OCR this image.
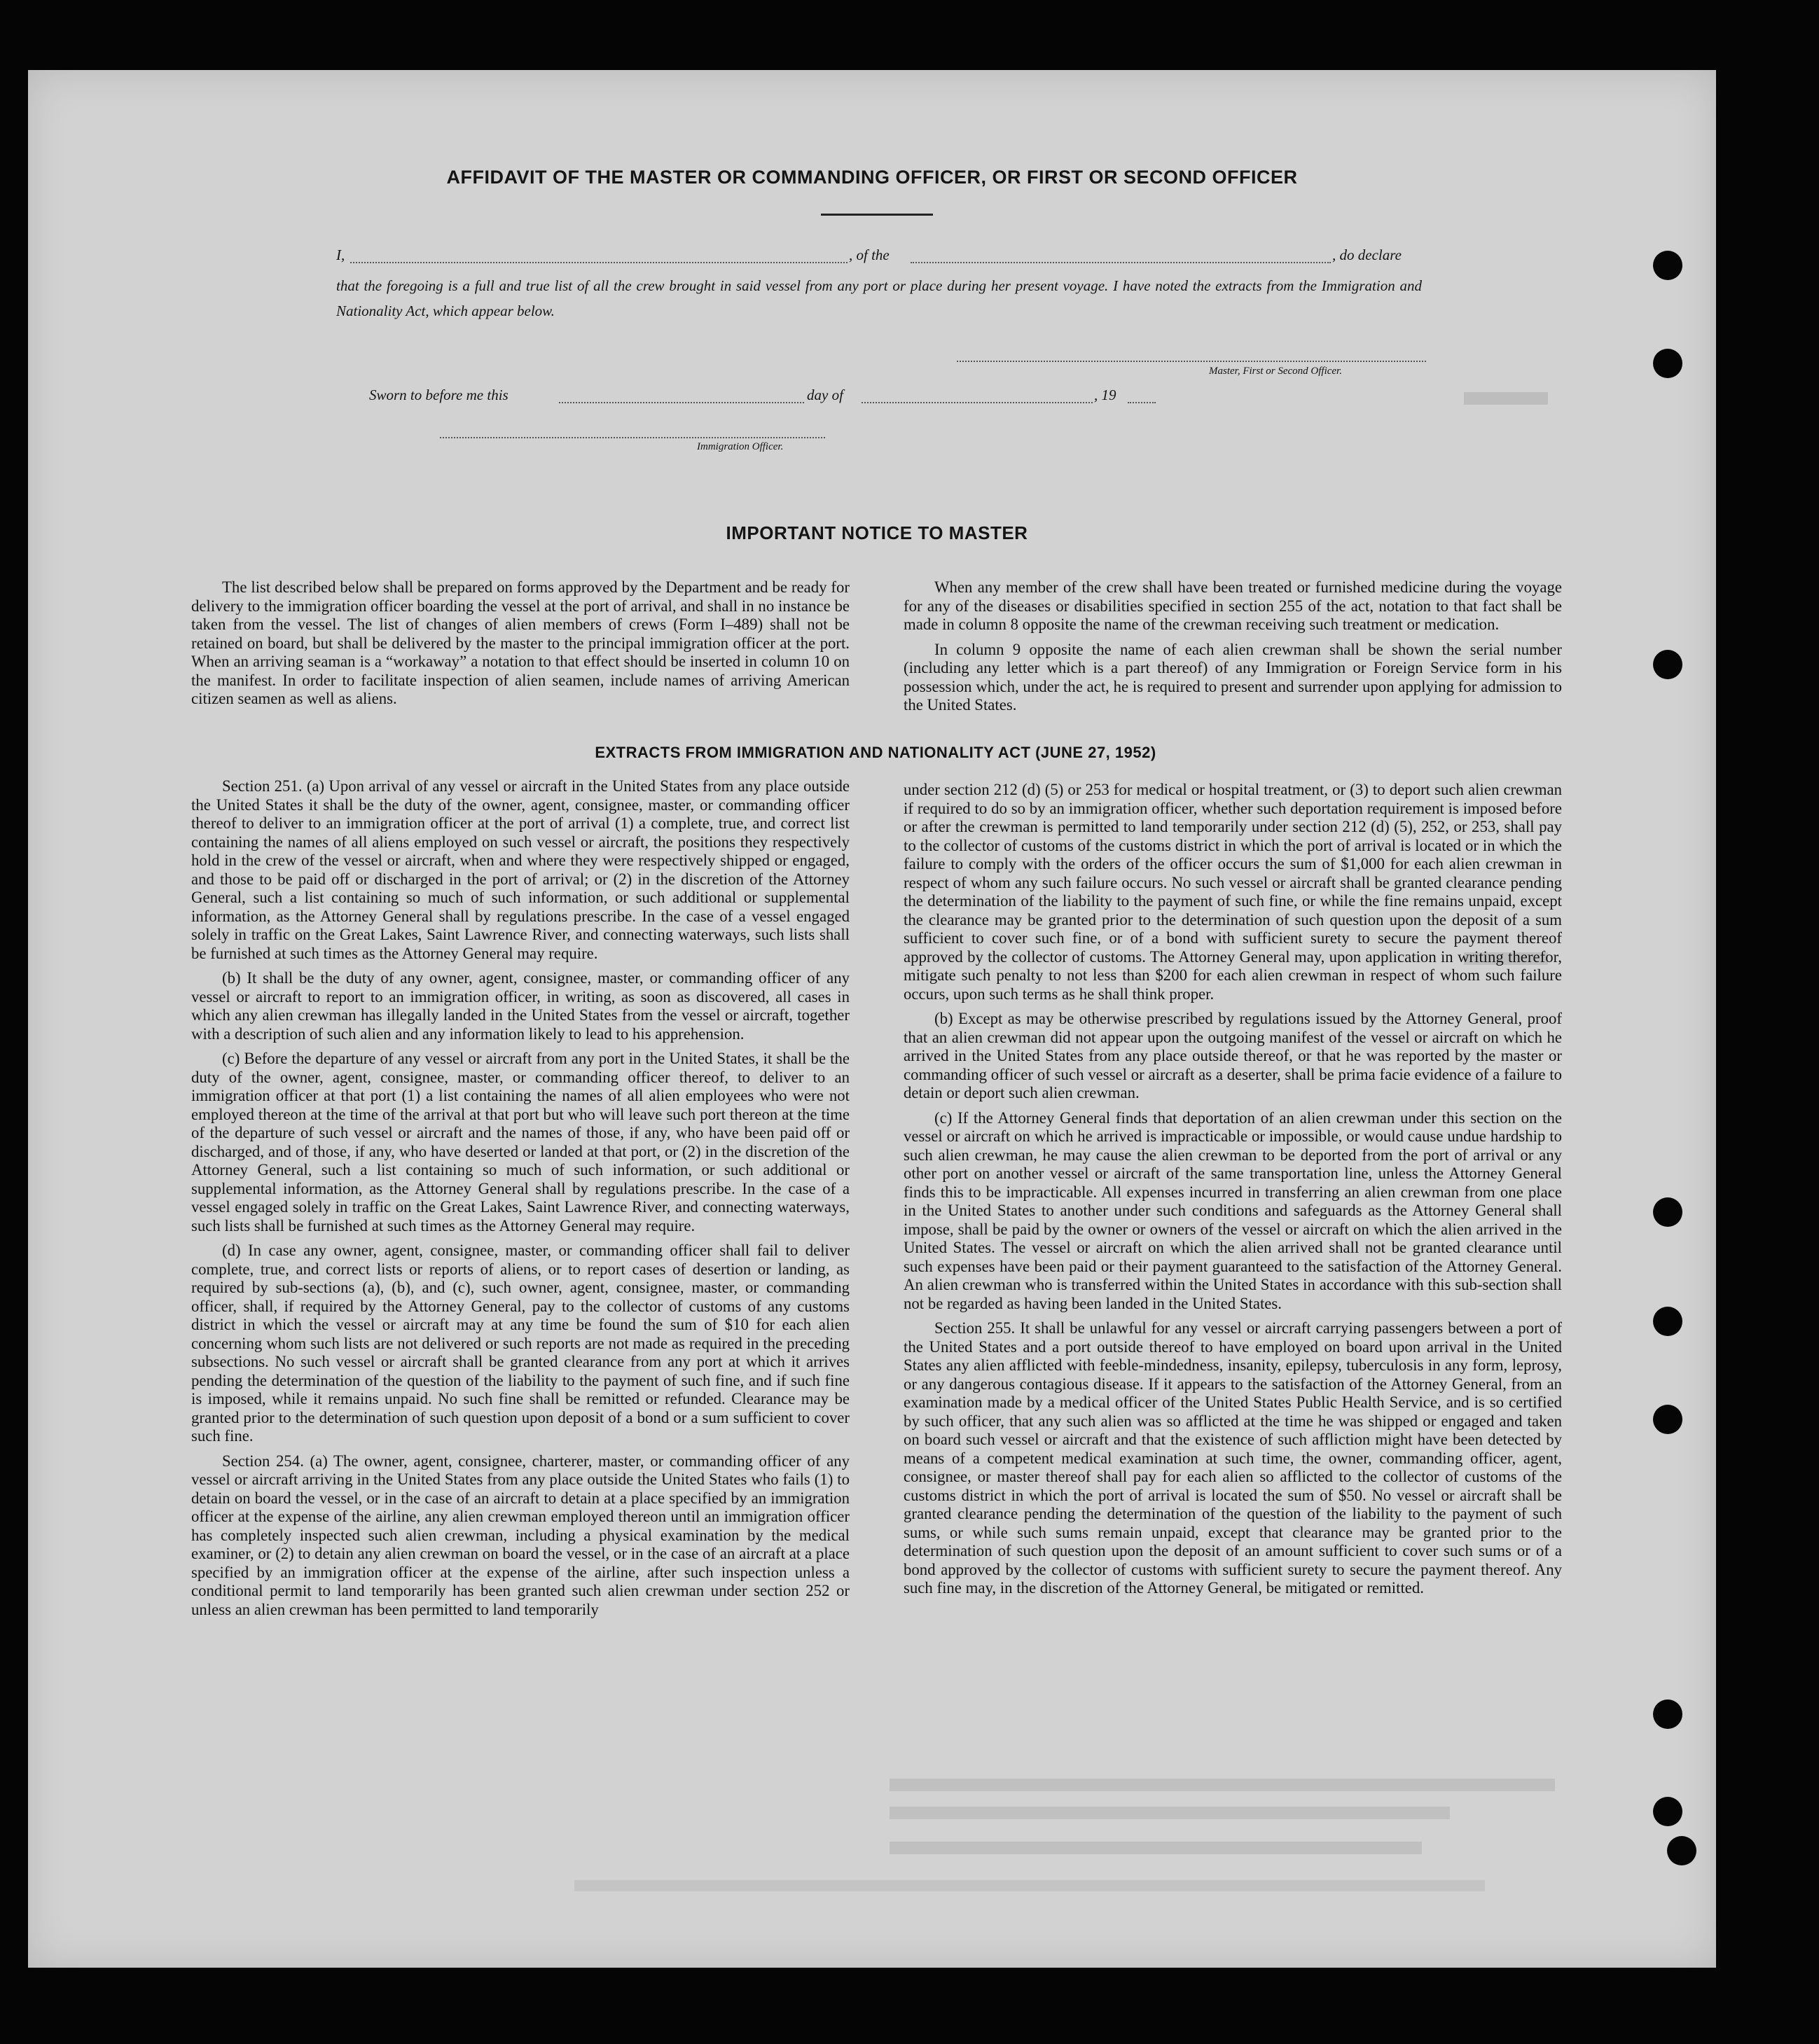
AFFIDAVIT OF THE MASTER OR COMMANDING OFFICER, OR FIRST OR SECOND OFFICER
I,	, of the	, do declare
that the foregoing is a full and true list of all the crew brought in said vessel from any port or place during her present voyage. I have noted the extracts from the Immigration and Nationality Act, which appear below.
Master, First or Second Officer.
Sworn to before me this	day of	, 19
Immigration Officer.
IMPORTANT NOTICE TO MASTER

The list described below shall be prepared on forms approved by the Department and be ready for delivery to the immigration officer boarding the vessel at the port of arrival, and shall in no instance be taken from the vessel. The list of changes of alien members of crews (Form I–489) shall not be retained on board, but shall be delivered by the master to the principal immigration officer at the port. When an arriving seaman is a “workaway” a notation to that effect should be inserted in column 10 on the manifest. In order to facilitate inspection of alien seamen, include names of arriving American citizen seamen as well as aliens.

When any member of the crew shall have been treated or furnished medicine during the voyage for any of the diseases or disabilities specified in section 255 of the act, notation to that fact shall be made in column 8 opposite the name of the crewman receiving such treatment or medication.

In column 9 opposite the name of each alien crewman shall be shown the serial number (including any letter which is a part thereof) of any Immigration or Foreign Service form in his possession which, under the act, he is required to present and surrender upon applying for admission to the United States.

EXTRACTS FROM IMMIGRATION AND NATIONALITY ACT (JUNE 27, 1952)

Section 251. (a) Upon arrival of any vessel or aircraft in the United States from any place outside the United States it shall be the duty of the owner, agent, consignee, master, or commanding officer thereof to deliver to an immigration officer at the port of arrival (1) a complete, true, and correct list containing the names of all aliens employed on such vessel or aircraft, the positions they respectively hold in the crew of the vessel or aircraft, when and where they were respectively shipped or engaged, and those to be paid off or discharged in the port of arrival; or (2) in the discretion of the Attorney General, such a list containing so much of such information, or such additional or supplemental information, as the Attorney General shall by regulations prescribe. In the case of a vessel engaged solely in traffic on the Great Lakes, Saint Lawrence River, and connecting waterways, such lists shall be furnished at such times as the Attorney General may require.

(b) It shall be the duty of any owner, agent, consignee, master, or commanding officer of any vessel or aircraft to report to an immigration officer, in writing, as soon as discovered, all cases in which any alien crewman has illegally landed in the United States from the vessel or aircraft, together with a description of such alien and any information likely to lead to his apprehension.

(c) Before the departure of any vessel or aircraft from any port in the United States, it shall be the duty of the owner, agent, consignee, master, or commanding officer thereof, to deliver to an immigration officer at that port (1) a list containing the names of all alien employees who were not employed thereon at the time of the arrival at that port but who will leave such port thereon at the time of the departure of such vessel or aircraft and the names of those, if any, who have been paid off or discharged, and of those, if any, who have deserted or landed at that port, or (2) in the discretion of the Attorney General, such a list containing so much of such information, or such additional or supplemental information, as the Attorney General shall by regulations prescribe. In the case of a vessel engaged solely in traffic on the Great Lakes, Saint Lawrence River, and connecting waterways, such lists shall be furnished at such times as the Attorney General may require.

(d) In case any owner, agent, consignee, master, or commanding officer shall fail to deliver complete, true, and correct lists or reports of aliens, or to report cases of desertion or landing, as required by sub-sections (a), (b), and (c), such owner, agent, consignee, master, or commanding officer, shall, if required by the Attorney General, pay to the collector of customs of any customs district in which the vessel or aircraft may at any time be found the sum of $10 for each alien concerning whom such lists are not delivered or such reports are not made as required in the preceding subsections. No such vessel or aircraft shall be granted clearance from any port at which it arrives pending the determination of the question of the liability to the payment of such fine, and if such fine is imposed, while it remains unpaid. No such fine shall be remitted or refunded. Clearance may be granted prior to the determination of such question upon deposit of a bond or a sum sufficient to cover such fine.

Section 254. (a) The owner, agent, consignee, charterer, master, or commanding officer of any vessel or aircraft arriving in the United States from any place outside the United States who fails (1) to detain on board the vessel, or in the case of an aircraft to detain at a place specified by an immigration officer at the expense of the airline, any alien crewman employed thereon until an immigration officer has completely inspected such alien crewman, including a physical examination by the medical examiner, or (2) to detain any alien crewman on board the vessel, or in the case of an aircraft at a place specified by an immigration officer at the expense of the airline, after such inspection unless a conditional permit to land temporarily has been granted such alien crewman under section 252 or unless an alien crewman has been permitted to land temporarily

under section 212 (d) (5) or 253 for medical or hospital treatment, or (3) to deport such alien crewman if required to do so by an immigration officer, whether such deportation requirement is imposed before or after the crewman is permitted to land temporarily under section 212 (d) (5), 252, or 253, shall pay to the collector of customs of the customs district in which the port of arrival is located or in which the failure to comply with the orders of the officer occurs the sum of $1,000 for each alien crewman in respect of whom any such failure occurs. No such vessel or aircraft shall be granted clearance pending the determination of the liability to the payment of such fine, or while the fine remains unpaid, except the clearance may be granted prior to the determination of such question upon the deposit of a sum sufficient to cover such fine, or of a bond with sufficient surety to secure the payment thereof approved by the collector of customs. The Attorney General may, upon application in writing therefor, mitigate such penalty to not less than $200 for each alien crewman in respect of whom such failure occurs, upon such terms as he shall think proper.

(b) Except as may be otherwise prescribed by regulations issued by the Attorney General, proof that an alien crewman did not appear upon the outgoing manifest of the vessel or aircraft on which he arrived in the United States from any place outside thereof, or that he was reported by the master or commanding officer of such vessel or aircraft as a deserter, shall be prima facie evidence of a failure to detain or deport such alien crewman.

(c) If the Attorney General finds that deportation of an alien crewman under this section on the vessel or aircraft on which he arrived is impracticable or impossible, or would cause undue hardship to such alien crewman, he may cause the alien crewman to be deported from the port of arrival or any other port on another vessel or aircraft of the same transportation line, unless the Attorney General finds this to be impracticable. All expenses incurred in transferring an alien crewman from one place in the United States to another under such conditions and safeguards as the Attorney General shall impose, shall be paid by the owner or owners of the vessel or aircraft on which the alien arrived in the United States. The vessel or aircraft on which the alien arrived shall not be granted clearance until such expenses have been paid or their payment guaranteed to the satisfaction of the Attorney General. An alien crewman who is transferred within the United States in accordance with this sub-section shall not be regarded as having been landed in the United States.

Section 255. It shall be unlawful for any vessel or aircraft carrying passengers between a port of the United States and a port outside thereof to have employed on board upon arrival in the United States any alien afflicted with feeble-mindedness, insanity, epilepsy, tuberculosis in any form, leprosy, or any dangerous contagious disease. If it appears to the satisfaction of the Attorney General, from an examination made by a medical officer of the United States Public Health Service, and is so certified by such officer, that any such alien was so afflicted at the time he was shipped or engaged and taken on board such vessel or aircraft and that the existence of such affliction might have been detected by means of a competent medical examination at such time, the owner, commanding officer, agent, consignee, or master thereof shall pay for each alien so afflicted to the collector of customs of the customs district in which the port of arrival is located the sum of $50. No vessel or aircraft shall be granted clearance pending the determination of the question of the liability to the payment of such sums, or while such sums remain unpaid, except that clearance may be granted prior to the determination of such question upon the deposit of an amount sufficient to cover such sums or of a bond approved by the collector of customs with sufficient surety to secure the payment thereof. Any such fine may, in the discretion of the Attorney General, be mitigated or remitted.
